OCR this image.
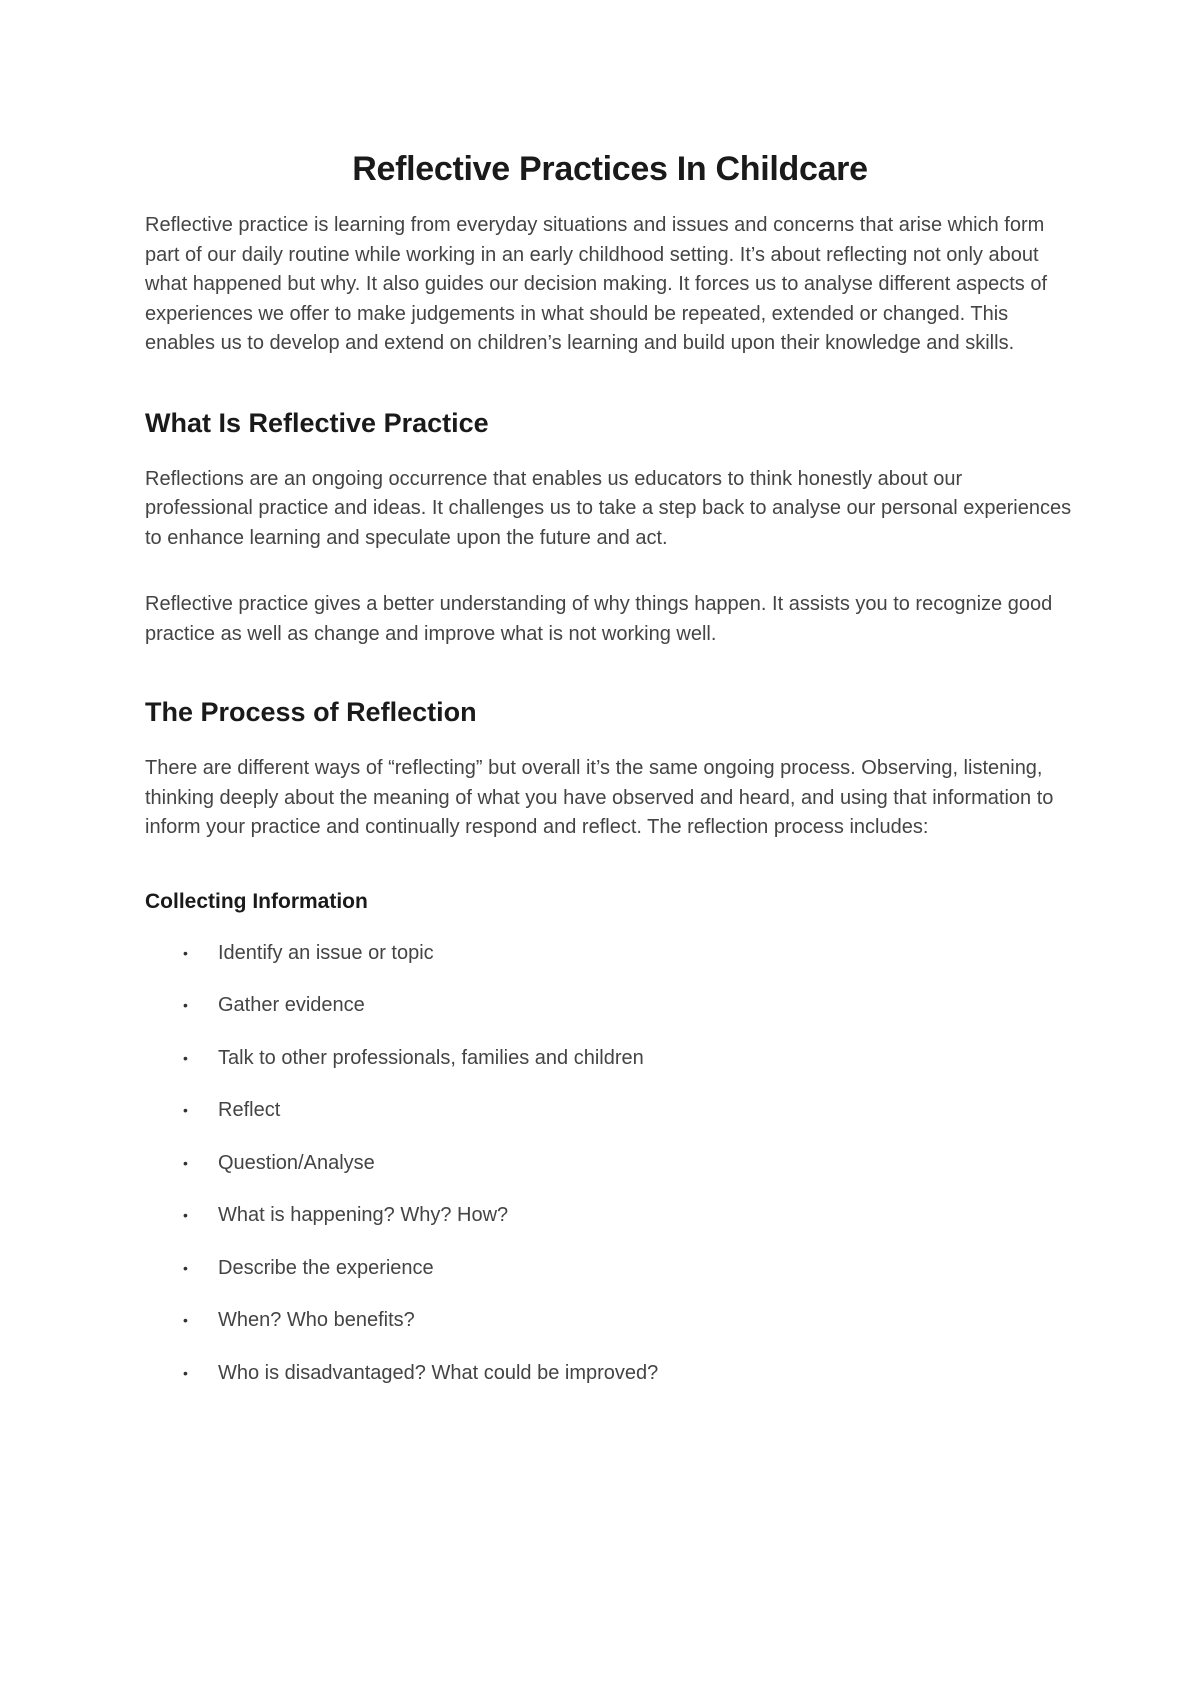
Reflective Practices In Childcare

Reflective practice is learning from everyday situations and issues and concerns that arise which form part of our daily routine while working in an early childhood setting. It’s about reflecting not only about what happened but why. It also guides our decision making. It forces us to analyse different aspects of experiences we offer to make judgements in what should be repeated, extended or changed. This enables us to develop and extend on children’s learning and build upon their knowledge and skills.

What Is Reflective Practice

Reflections are an ongoing occurrence that enables us educators to think honestly about our professional practice and ideas. It challenges us to take a step back to analyse our personal experiences to enhance learning and speculate upon the future and act.

Reflective practice gives a better understanding of why things happen. It assists you to recognize good practice as well as change and improve what is not working well.

The Process of Reflection

There are different ways of “reflecting” but overall it’s the same ongoing process. Observing, listening, thinking deeply about the meaning of what you have observed and heard, and using that information to inform your practice and continually respond and reflect. The reflection process includes:

Collecting Information
• Identify an issue or topic
• Gather evidence
• Talk to other professionals, families and children
• Reflect
• Question/Analyse
• What is happening? Why? How?
• Describe the experience
• When? Who benefits?
• Who is disadvantaged? What could be improved?
